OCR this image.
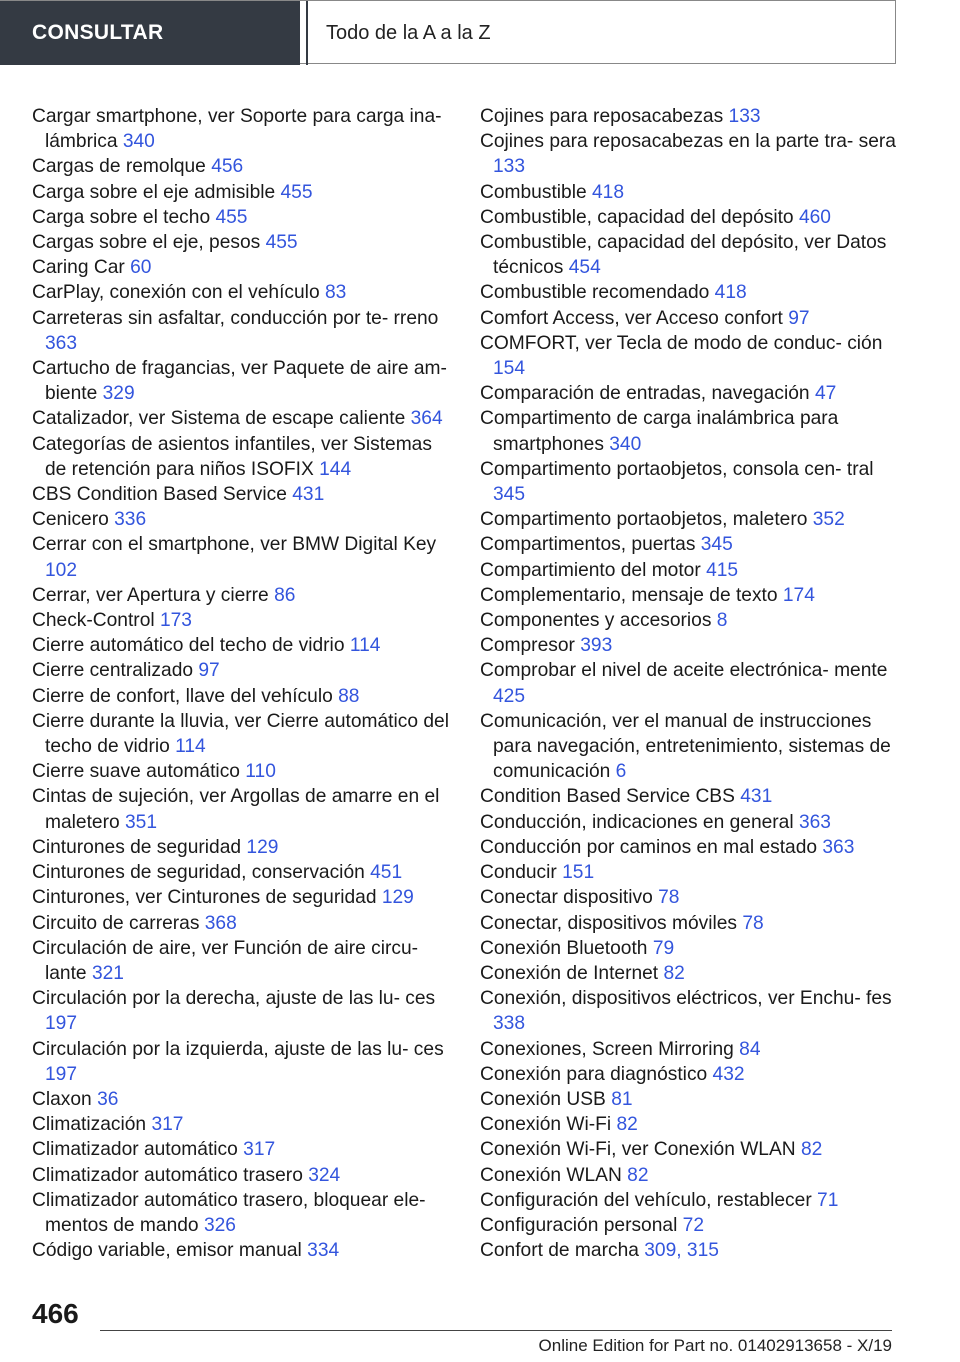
CONSULTAR	Todo de la A a la Z

Cargar smartphone, ver Soporte para carga ina- lámbrica 340

Cargas de remolque 456

Carga sobre el eje admisible 455

Carga sobre el techo 455

Cargas sobre el eje, pesos 455

Caring Car 60

CarPlay, conexión con el vehículo 83

Carreteras sin asfaltar, conducción por te- rreno 363

Cartucho de fragancias, ver Paquete de aire am- biente 329

Catalizador, ver Sistema de escape caliente 364

Categorías de asientos infantiles, ver Sistemas de retención para niños ISOFIX 144

CBS Condition Based Service 431

Cenicero 336

Cerrar con el smartphone, ver BMW Digital Key 102

Cerrar, ver Apertura y cierre 86

Check-Control 173

Cierre automático del techo de vidrio 114

Cierre centralizado 97

Cierre de confort, llave del vehículo 88

Cierre durante la lluvia, ver Cierre automático del techo de vidrio 114

Cierre suave automático 110

Cintas de sujeción, ver Argollas de amarre en el maletero 351

Cinturones de seguridad 129

Cinturones de seguridad, conservación 451

Cinturones, ver Cinturones de seguridad 129

Circuito de carreras 368

Circulación de aire, ver Función de aire circu- lante 321

Circulación por la derecha, ajuste de las lu- ces 197

Circulación por la izquierda, ajuste de las lu- ces 197

Claxon 36

Climatización 317

Climatizador automático 317

Climatizador automático trasero 324

Climatizador automático trasero, bloquear ele- mentos de mando 326

Código variable, emisor manual 334

Cojines para reposacabezas 133

Cojines para reposacabezas en la parte tra- sera 133

Combustible 418

Combustible, capacidad del depósito 460

Combustible, capacidad del depósito, ver Datos técnicos 454

Combustible recomendado 418

Comfort Access, ver Acceso confort 97

COMFORT, ver Tecla de modo de conduc- ción 154

Comparación de entradas, navegación 47

Compartimento de carga inalámbrica para smartphones 340

Compartimento portaobjetos, consola cen- tral 345

Compartimento portaobjetos, maletero 352

Compartimentos, puertas 345

Compartimiento del motor 415

Complementario, mensaje de texto 174

Componentes y accesorios 8

Compresor 393

Comprobar el nivel de aceite electrónica- mente 425

Comunicación, ver el manual de instrucciones para navegación, entretenimiento, sistemas de comunicación 6

Condition Based Service CBS 431

Conducción, indicaciones en general 363

Conducción por caminos en mal estado 363

Conducir 151

Conectar dispositivo 78

Conectar, dispositivos móviles 78

Conexión Bluetooth 79

Conexión de Internet 82

Conexión, dispositivos eléctricos, ver Enchu- fes 338

Conexiones, Screen Mirroring 84

Conexión para diagnóstico 432

Conexión USB 81

Conexión Wi-Fi 82

Conexión Wi-Fi, ver Conexión WLAN 82

Conexión WLAN 82

Configuración del vehículo, restablecer 71

Configuración personal 72

Confort de marcha 309, 315

466
Online Edition for Part no. 01402913658 - X/19
